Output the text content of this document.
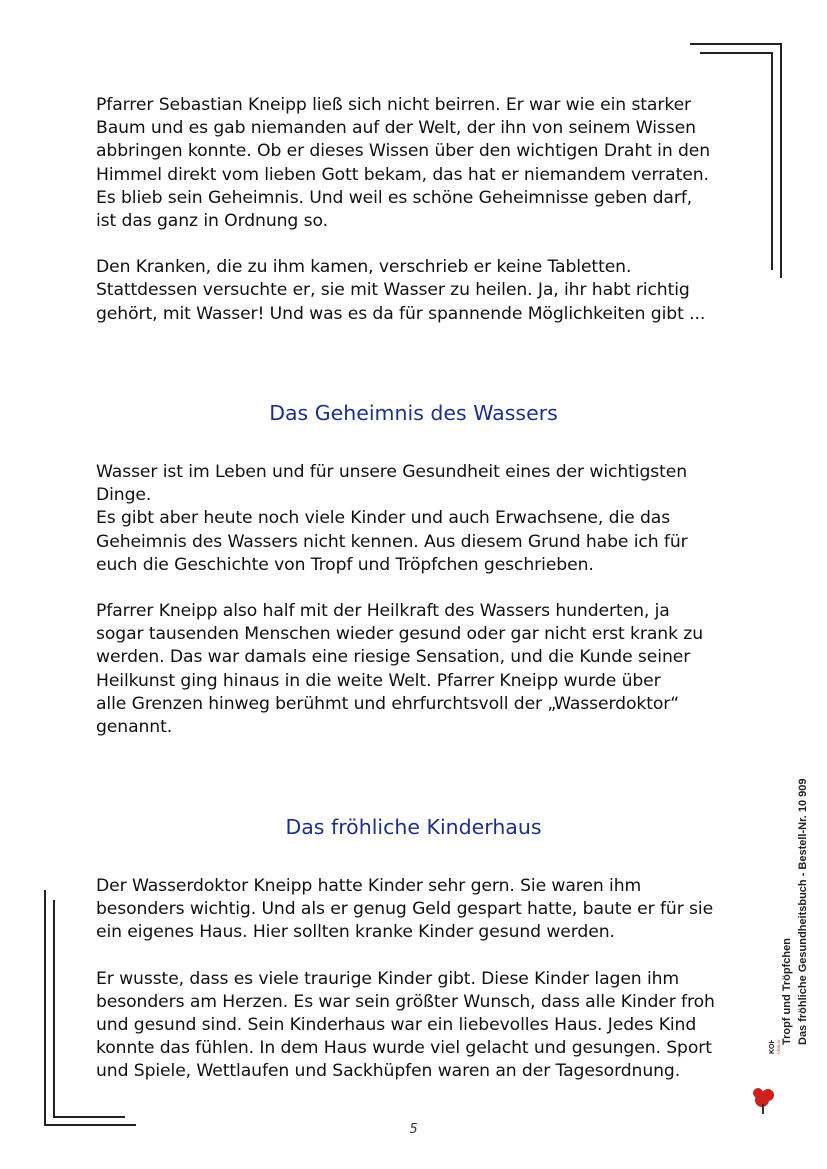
Pfarrer Sebastian Kneipp ließ sich nicht beirren. Er war wie ein starker
Baum und es gab niemanden auf der Welt, der ihn von seinem Wissen
abbringen konnte. Ob er dieses Wissen über den wichtigen Draht in den
Himmel direkt vom lieben Gott bekam, das hat er niemandem verraten.
Es blieb sein Geheimnis. Und weil es schöne Geheimnisse geben darf,
ist das ganz in Ordnung so.

Den Kranken, die zu ihm kamen, verschrieb er keine Tabletten.
Stattdessen versuchte er, sie mit Wasser zu heilen. Ja, ihr habt richtig
gehört, mit Wasser! Und was es da für spannende Möglichkeiten gibt ...

Das Geheimnis des Wassers

Wasser ist im Leben und für unsere Gesundheit eines der wichtigsten
Dinge.
Es gibt aber heute noch viele Kinder und auch Erwachsene, die das
Geheimnis des Wassers nicht kennen. Aus diesem Grund habe ich für
euch die Geschichte von Tropf und Tröpfchen geschrieben.

Pfarrer Kneipp also half mit der Heilkraft des Wassers hunderten, ja
sogar tausenden Menschen wieder gesund oder gar nicht erst krank zu
werden. Das war damals eine riesige Sensation, und die Kunde seiner
Heilkunst ging hinaus in die weite Welt. Pfarrer Kneipp wurde über
alle Grenzen hinweg berühmt und ehrfurchtsvoll der „Wasserdoktor“
genannt.

Das fröhliche Kinderhaus

Der Wasserdoktor Kneipp hatte Kinder sehr gern. Sie waren ihm
besonders wichtig. Und als er genug Geld gespart hatte, baute er für sie
ein eigenes Haus. Hier sollten kranke Kinder gesund werden.

Er wusste, dass es viele traurige Kinder gibt. Diese Kinder lagen ihm
besonders am Herzen. Es war sein größter Wunsch, dass alle Kinder froh
und gesund sind. Sein Kinderhaus war ein liebevolles Haus. Jedes Kind
konnte das fühlen. In dem Haus wurde viel gelacht und gesungen. Sport
und Spiele, Wettlaufen und Sackhüpfen waren an der Tagesordnung.

5
Tropf und Tröpfchen Das fröhliche Gesundheitsbuch - Bestell-Nr. 10 909
KOHL VERLAG
